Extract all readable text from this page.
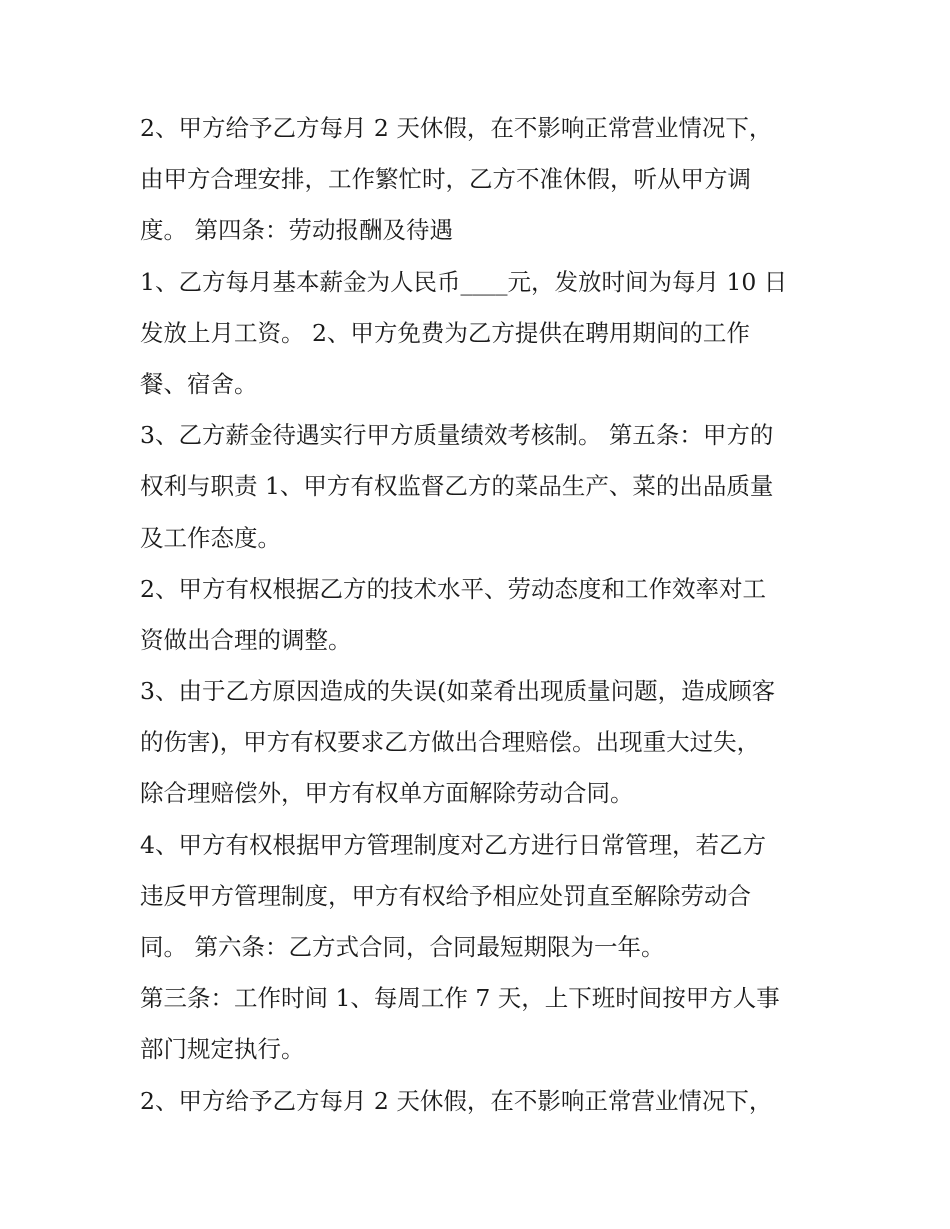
2、甲方给予乙方每月 2 天休假，在不影响正常营业情况下，
由甲方合理安排，工作繁忙时，乙方不准休假，听从甲方调
度。 第四条：劳动报酬及待遇
1、乙方每月基本薪金为人民币____元，发放时间为每月 10 日
发放上月工资。 2、甲方免费为乙方提供在聘用期间的工作
餐、宿舍。
3、乙方薪金待遇实行甲方质量绩效考核制。 第五条：甲方的
权利与职责 1、甲方有权监督乙方的菜品生产、菜的出品质量
及工作态度。
2、甲方有权根据乙方的技术水平、劳动态度和工作效率对工
资做出合理的调整。
3、由于乙方原因造成的失误(如菜肴出现质量问题，造成顾客
的伤害)，甲方有权要求乙方做出合理赔偿。出现重大过失，
除合理赔偿外，甲方有权单方面解除劳动合同。
4、甲方有权根据甲方管理制度对乙方进行日常管理，若乙方
违反甲方管理制度，甲方有权给予相应处罚直至解除劳动合
同。 第六条：乙方式合同，合同最短期限为一年。
第三条：工作时间 1、每周工作 7 天，上下班时间按甲方人事
部门规定执行。
2、甲方给予乙方每月 2 天休假，在不影响正常营业情况下，
